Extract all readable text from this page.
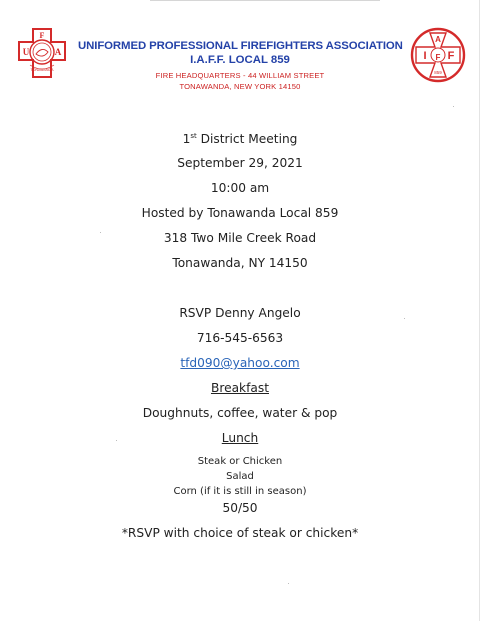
F
U	A
TONAWANDA
A
I F
F
859
UNIFORMED PROFESSIONAL FIREFIGHTERS ASSOCIATION
I.A.F.F. LOCAL 859
FIRE HEADQUARTERS - 44 WILLIAM STREET
TONAWANDA, NEW YORK 14150
1st District Meeting
September 29, 2021
10:00 am
Hosted by Tonawanda Local 859
318 Two Mile Creek Road
Tonawanda, NY 14150
RSVP Denny Angelo
716-545-6563
tfd090@yahoo.com
Breakfast
Doughnuts, coffee, water & pop
Lunch
Steak or Chicken
Salad
Corn (if it is still in season)
50/50
*RSVP with choice of steak or chicken*
